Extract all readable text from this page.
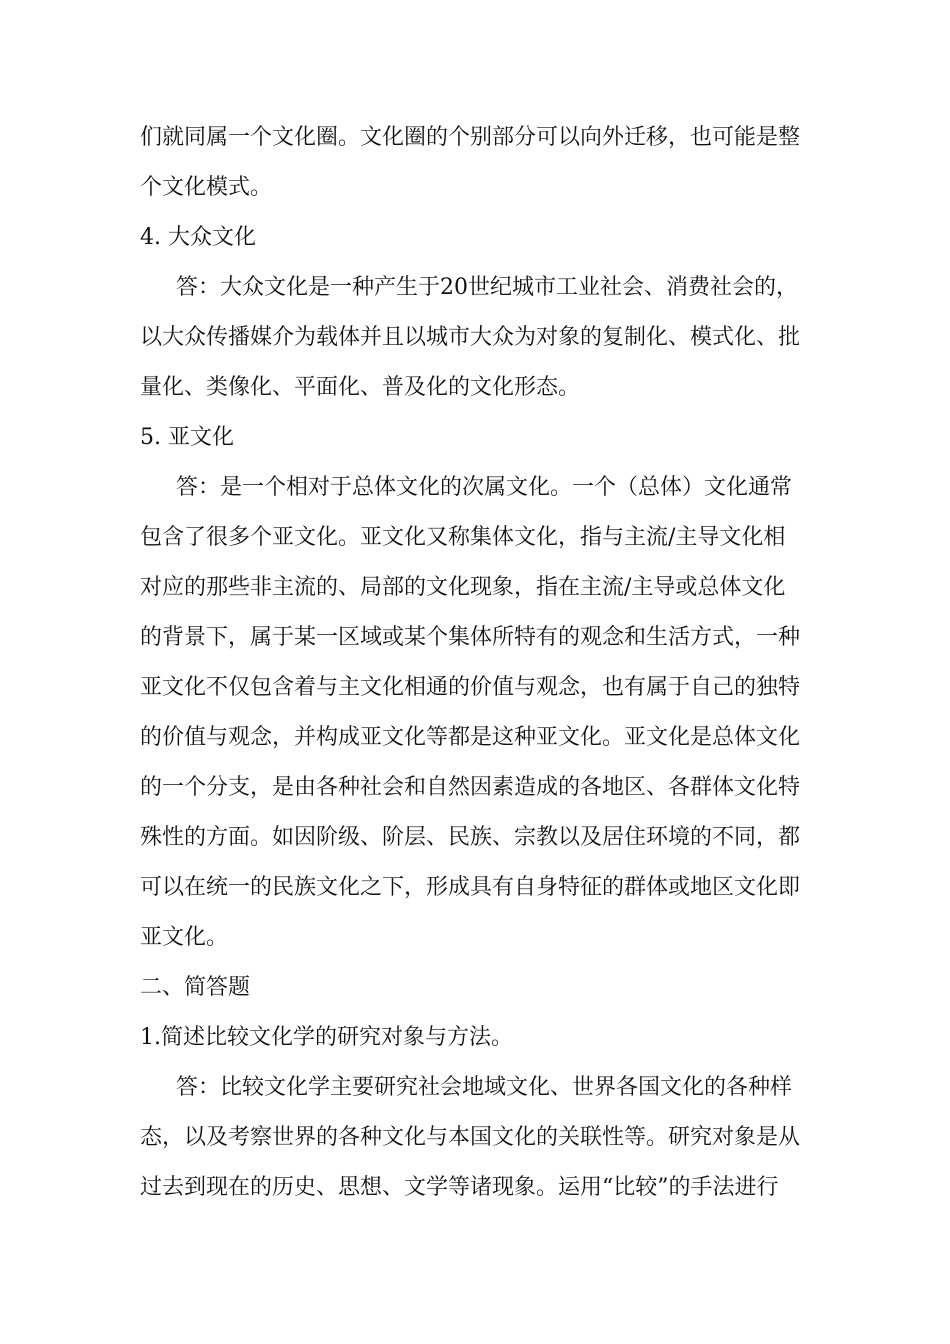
们就同属一个文化圈。文化圈的个别部分可以向外迁移，也可能是整
个文化模式。
4. 大众文化
答：大众文化是一种产生于20世纪城市工业社会、消费社会的，
以大众传播媒介为载体并且以城市大众为对象的复制化、模式化、批
量化、类像化、平面化、普及化的文化形态。
5. 亚文化
答：是一个相对于总体文化的次属文化。一个（总体）文化通常
包含了很多个亚文化。亚文化又称集体文化，指与主流/主导文化相
对应的那些非主流的、局部的文化现象，指在主流/主导或总体文化
的背景下，属于某一区域或某个集体所特有的观念和生活方式，一种
亚文化不仅包含着与主文化相通的价值与观念，也有属于自己的独特
的价值与观念，并构成亚文化等都是这种亚文化。亚文化是总体文化
的一个分支，是由各种社会和自然因素造成的各地区、各群体文化特
殊性的方面。如因阶级、阶层、民族、宗教以及居住环境的不同，都
可以在统一的民族文化之下，形成具有自身特征的群体或地区文化即
亚文化。
二、简答题
1.简述比较文化学的研究对象与方法。
答：比较文化学主要研究社会地域文化、世界各国文化的各种样
态，以及考察世界的各种文化与本国文化的关联性等。研究对象是从
过去到现在的历史、思想、文学等诸现象。运用“比较”的手法进行
